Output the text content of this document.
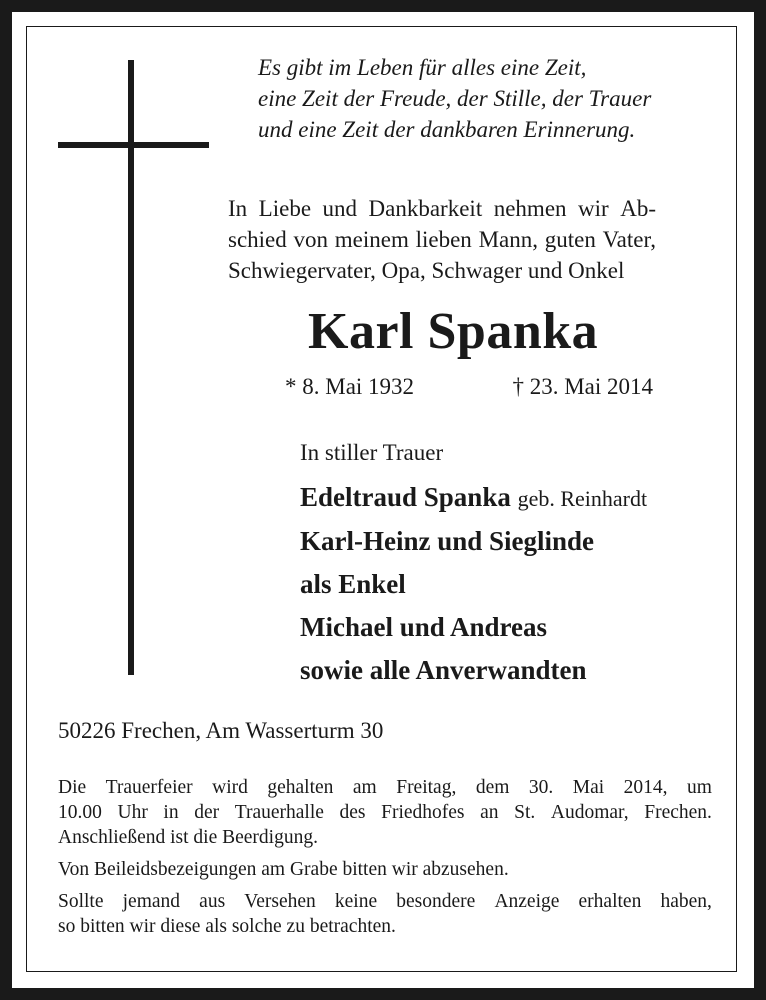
Es gibt im Leben für alles eine Zeit,
eine Zeit der Freude, der Stille, der Trauer
und eine Zeit der dankbaren Erinnerung.
In Liebe und Dankbarkeit nehmen wir Ab-
schied von meinem lieben Mann, guten Vater,
Schwiegervater, Opa, Schwager und Onkel
Karl Spanka
* 8. Mai 1932	† 23. Mai 2014
In stiller Trauer
Edeltraud Spanka geb. Reinhardt
Karl-Heinz und Sieglinde
als Enkel
Michael und Andreas
sowie alle Anverwandten
50226 Frechen, Am Wasserturm 30

Die Trauerfeier wird gehalten am Freitag, dem 30. Mai 2014, um

10.00 Uhr in der Trauerhalle des Friedhofes an St. Audomar, Frechen.

Anschließend ist die Beerdigung.

Von Beileidsbezeigungen am Grabe bitten wir abzusehen.

Sollte jemand aus Versehen keine besondere Anzeige erhalten haben,

so bitten wir diese als solche zu betrachten.
